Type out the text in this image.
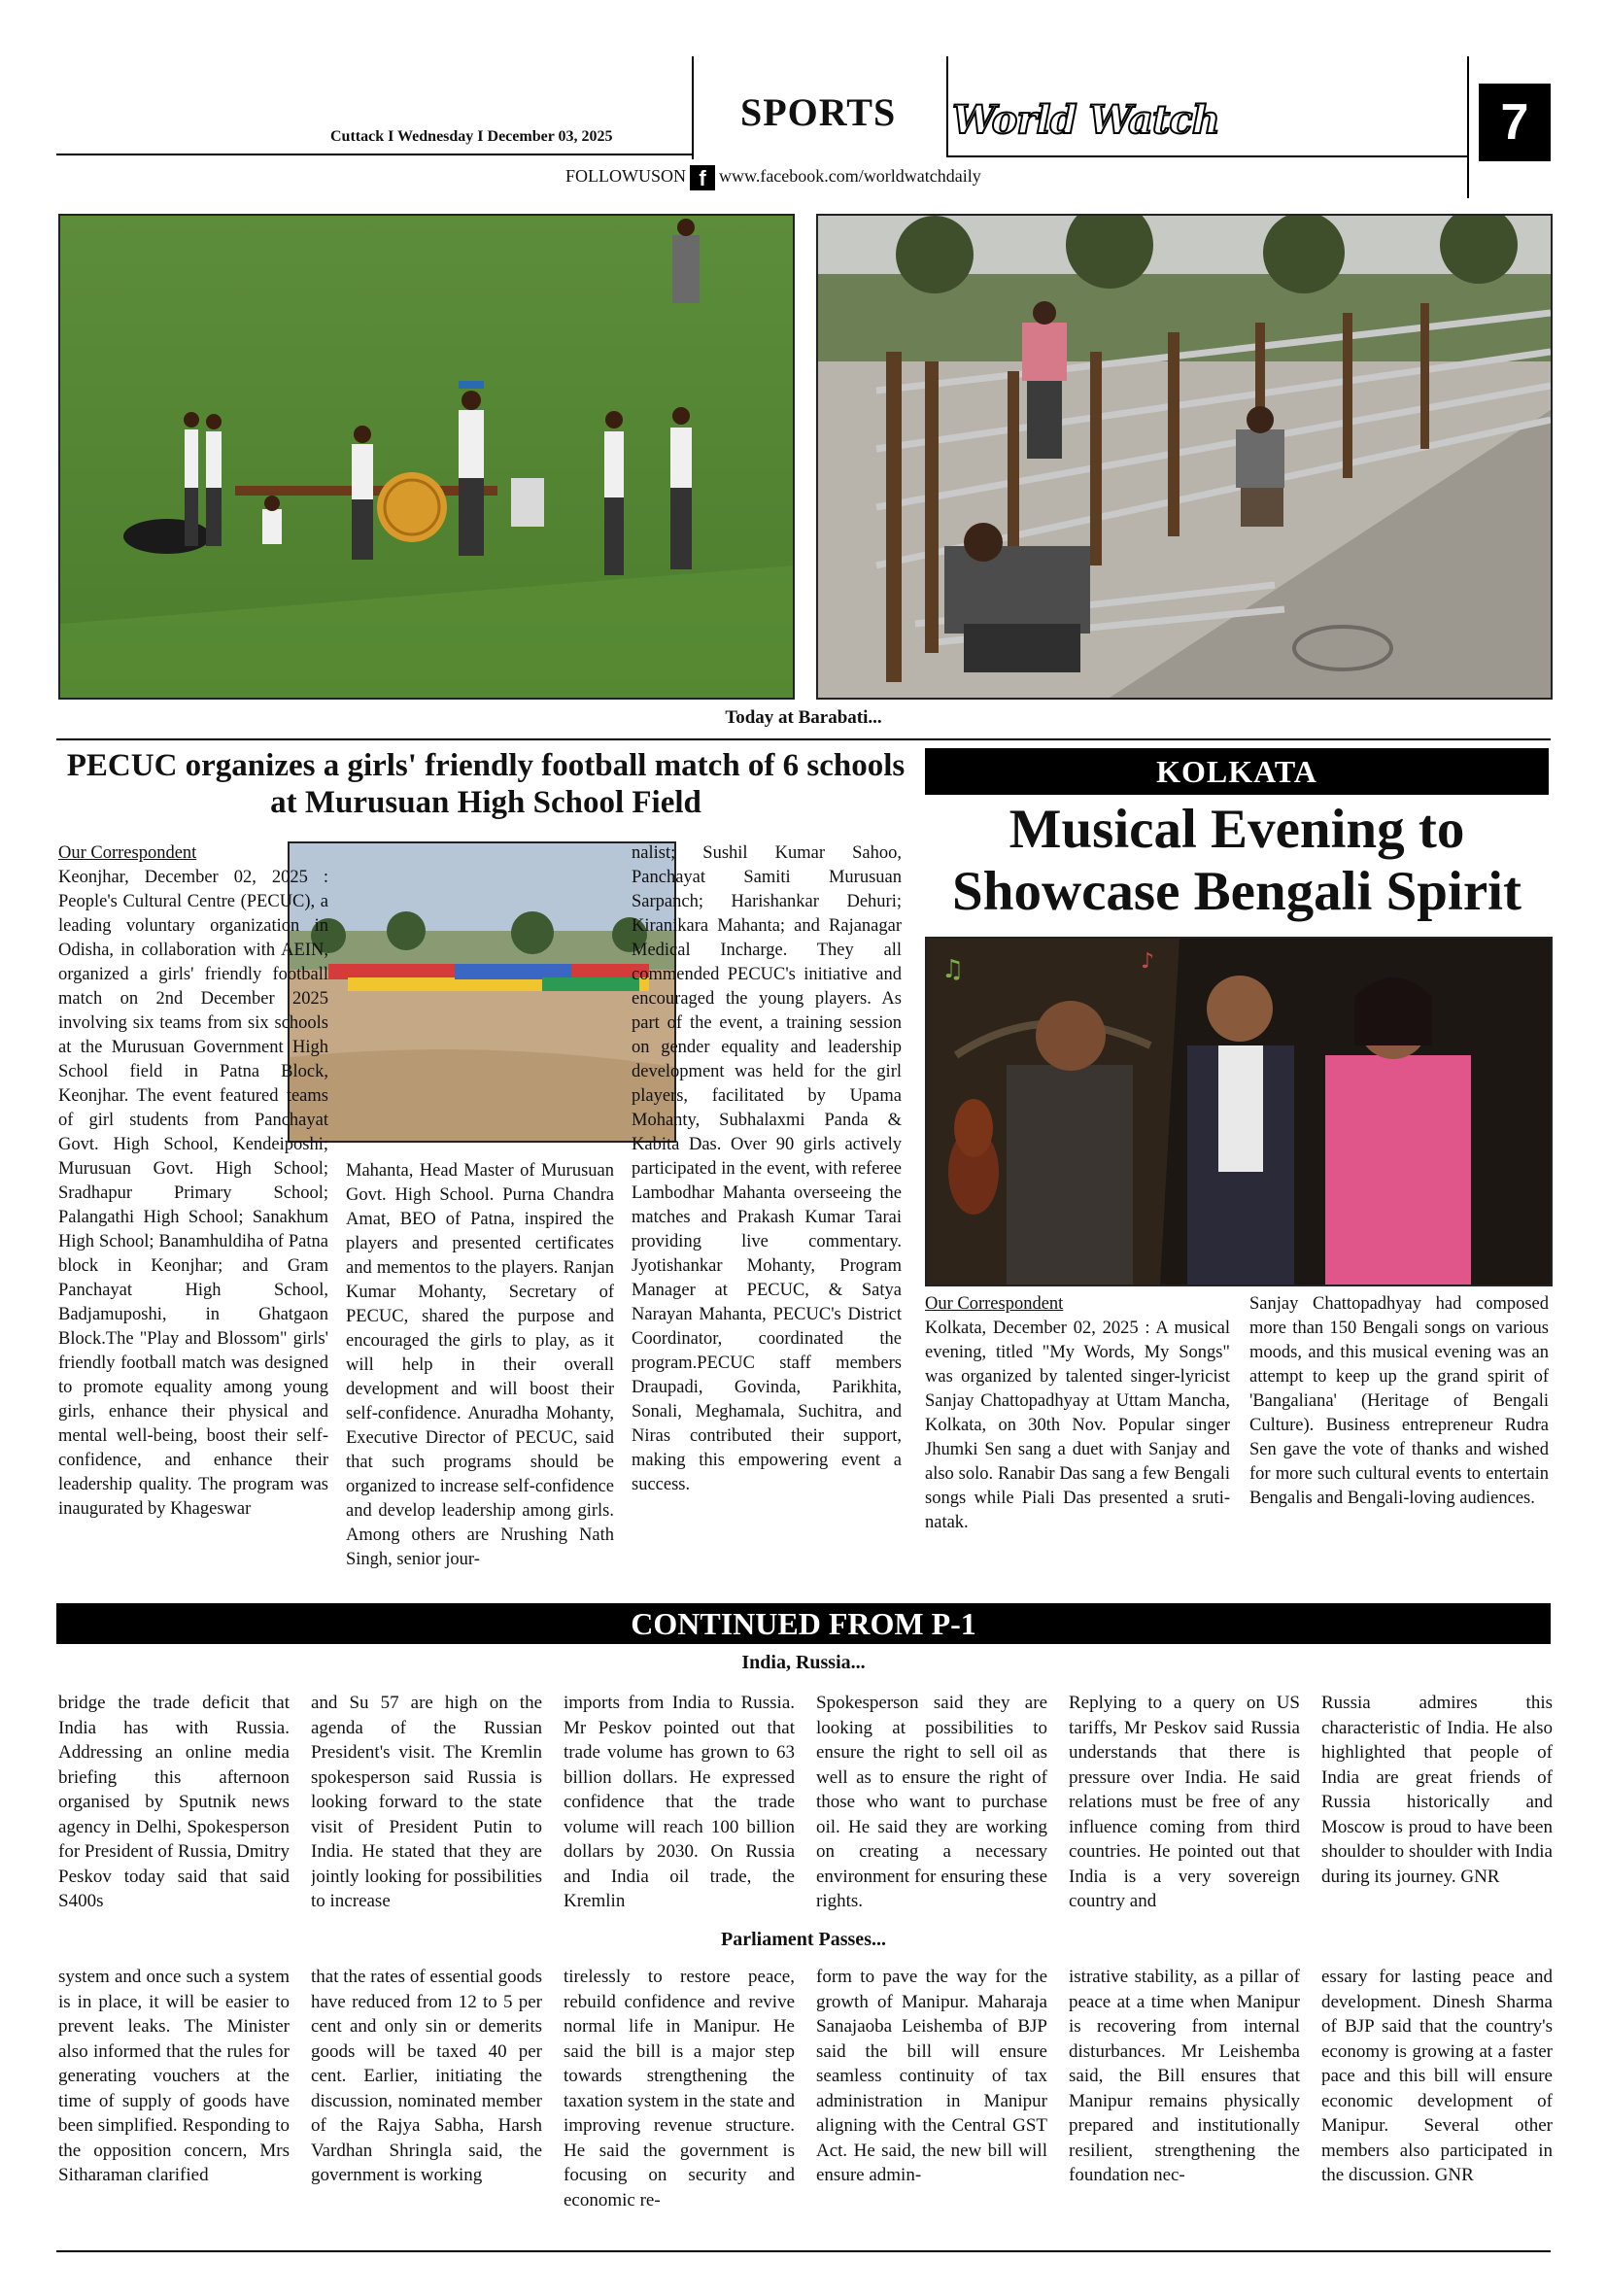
Cuttack I Wednesday I December 03, 2025
SPORTS World Watch	7
FOLLOWUSON f www.facebook.com/worldwatchdaily
Today at Barabati...
PECUC organizes a girls' friendly football match of 6 schools at Murusuan High School Field

Our Correspondent

Keonjhar, December 02, 2025 : People's Cultural Centre (PECUC), a leading voluntary organization in Odisha, in collaboration with AEIN, organized a girls' friendly football match on 2nd December 2025 involving six teams from six schools at the Murusuan Government High School field in Patna Block, Keonjhar. The event featured teams of girl students from Panchayat Govt. High School, Kendeiposhi; Murusuan Govt. High School; Sradhapur Primary School; Palangathi High School; Sanakhum High School; Banamhuldiha of Patna block in Keonjhar; and Gram Panchayat High School, Badjamuposhi, in Ghatgaon Block.The "Play and Blossom" girls' friendly football match was designed to promote equality among young girls, enhance their physical and mental well-being, boost their self-confidence, and enhance their leadership quality. The program was inaugurated by Khageswar
Mahanta, Head Master of Murusuan Govt. High School. Purna Chandra Amat, BEO of Patna, inspired the players and presented certificates and mementos to the players. Ranjan Kumar Mohanty, Secretary of PECUC, shared the purpose and encouraged the girls to play, as it will help in their overall development and will boost their self-confidence. Anuradha Mohanty, Executive Director of PECUC, said that such programs should be organized to increase self-confidence and develop leadership among girls. Among others are Nrushing Nath Singh, senior jour-
nalist; Sushil Kumar Sahoo, Panchayat Samiti Murusuan Sarpanch; Harishankar Dehuri; Kiranikara Mahanta; and Rajanagar Medical Incharge. They all commended PECUC's initiative and encouraged the young players. As part of the event, a training session on gender equality and leadership development was held for the girl players, facilitated by Upama Mohanty, Subhalaxmi Panda & Kabita Das. Over 90 girls actively participated in the event, with referee Lambodhar Mahanta overseeing the matches and Prakash Kumar Tarai providing live commentary. Jyotishankar Mohanty, Program Manager at PECUC, & Satya Narayan Mahanta, PECUC's District Coordinator, coordinated the program.PECUC staff members Draupadi, Govinda, Parikhita, Sonali, Meghamala, Suchitra, and Niras contributed their support, making this empowering event a success.
KOLKATA
Musical Evening to Showcase Bengali Spirit
♫	♪

Our Correspondent

Kolkata, December 02, 2025 : A musical evening, titled "My Words, My Songs" was organized by talented singer-lyricist Sanjay Chattopadhyay at Uttam Mancha, Kolkata, on 30th Nov. Popular singer Jhumki Sen sang a duet with Sanjay and also solo. Ranabir Das sang a few Bengali songs while Piali Das presented a sruti-natak.
Sanjay Chattopadhyay had composed more than 150 Bengali songs on various moods, and this musical evening was an attempt to keep up the grand spirit of 'Bangaliana' (Heritage of Bengali Culture). Business entrepreneur Rudra Sen gave the vote of thanks and wished for more such cultural events to entertain Bengalis and Bengali-loving audiences.
CONTINUED FROM P-1
India, Russia...
bridge the trade deficit that India has with Russia. Addressing an online media briefing this afternoon organised by Sputnik news agency in Delhi, Spokesperson for President of Russia, Dmitry Peskov today said that said S400s
and Su 57 are high on the agenda of the Russian President's visit. The Kremlin spokesperson said Russia is looking forward to the state visit of President Putin to India. He stated that they are jointly looking for possibilities to increase
imports from India to Russia. Mr Peskov pointed out that trade volume has grown to 63 billion dollars. He expressed confidence that the trade volume will reach 100 billion dollars by 2030. On Russia and India oil trade, the Kremlin
Spokesperson said they are looking at possibilities to ensure the right to sell oil as well as to ensure the right of those who want to purchase oil. He said they are working on creating a necessary environment for ensuring these rights.
Replying to a query on US tariffs, Mr Peskov said Russia understands that there is pressure over India. He said relations must be free of any influence coming from third countries. He pointed out that India is a very sovereign country and
Russia admires this characteristic of India. He also highlighted that people of India are great friends of Russia historically and Moscow is proud to have been shoulder to shoulder with India during its journey. GNR
Parliament Passes...
system and once such a system is in place, it will be easier to prevent leaks. The Minister also informed that the rules for generating vouchers at the time of supply of goods have been simplified. Responding to the opposition concern, Mrs Sitharaman clarified
that the rates of essential goods have reduced from 12 to 5 per cent and only sin or demerits goods will be taxed 40 per cent. Earlier, initiating the discussion, nominated member of the Rajya Sabha, Harsh Vardhan Shringla said, the government is working
tirelessly to restore peace, rebuild confidence and revive normal life in Manipur. He said the bill is a major step towards strengthening the taxation system in the state and improving revenue structure. He said the government is focusing on security and economic re-
form to pave the way for the growth of Manipur. Maharaja Sanajaoba Leishemba of BJP said the bill will ensure seamless continuity of tax administration in Manipur aligning with the Central GST Act. He said, the new bill will ensure admin-
istrative stability, as a pillar of peace at a time when Manipur is recovering from internal disturbances. Mr Leishemba said, the Bill ensures that Manipur remains physically prepared and institutionally resilient, strengthening the foundation nec-
essary for lasting peace and development. Dinesh Sharma of BJP said that the country's economy is growing at a faster pace and this bill will ensure economic development of Manipur. Several other members also participated in the discussion. GNR
